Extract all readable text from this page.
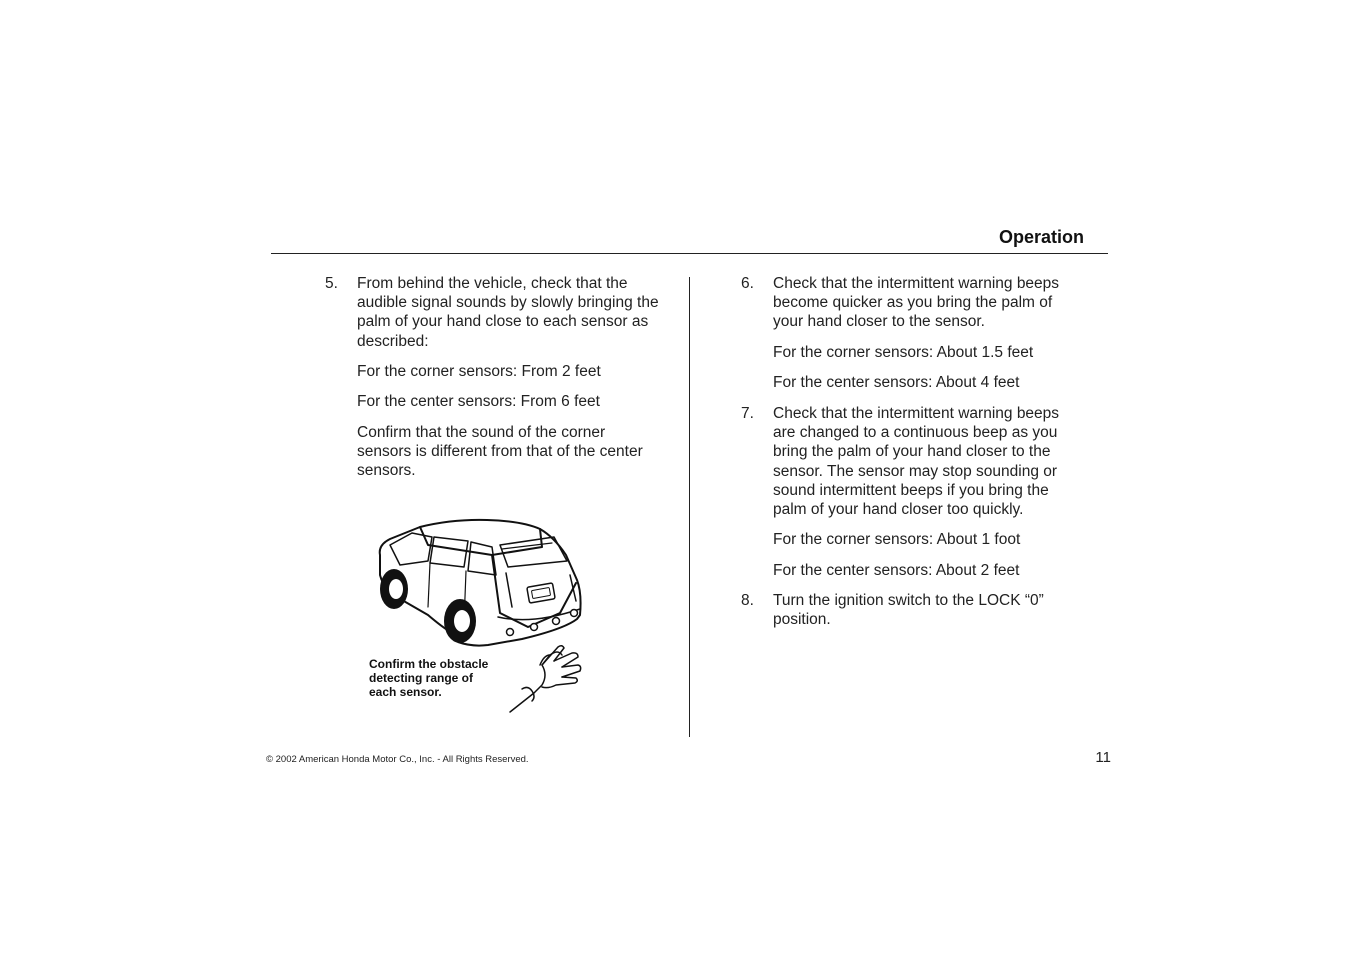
Operation
5. From behind the vehicle, check that the
audible signal sounds by slowly bringing the
palm of your hand close to each sensor as
described:
For the corner sensors: From 2 feet
For the center sensors: From 6 feet
Confirm that the sound of the corner
sensors is different from that of the center
sensors.
Confirm the obstacle
detecting range of
each sensor.
6. Check that the intermittent warning beeps
become quicker as you bring the palm of
your hand closer to the sensor.
For the corner sensors: About 1.5 feet
For the center sensors: About 4 feet
7. Check that the intermittent warning beeps
are changed to a continuous beep as you
bring the palm of your hand closer to the
sensor. The sensor may stop sounding or
sound intermittent beeps if you bring the
palm of your hand closer too quickly.
For the corner sensors: About 1 foot
For the center sensors: About 2 feet
8. Turn the ignition switch to the LOCK “0”
position.
© 2002 American Honda Motor Co., Inc. - All Rights Reserved.	11
